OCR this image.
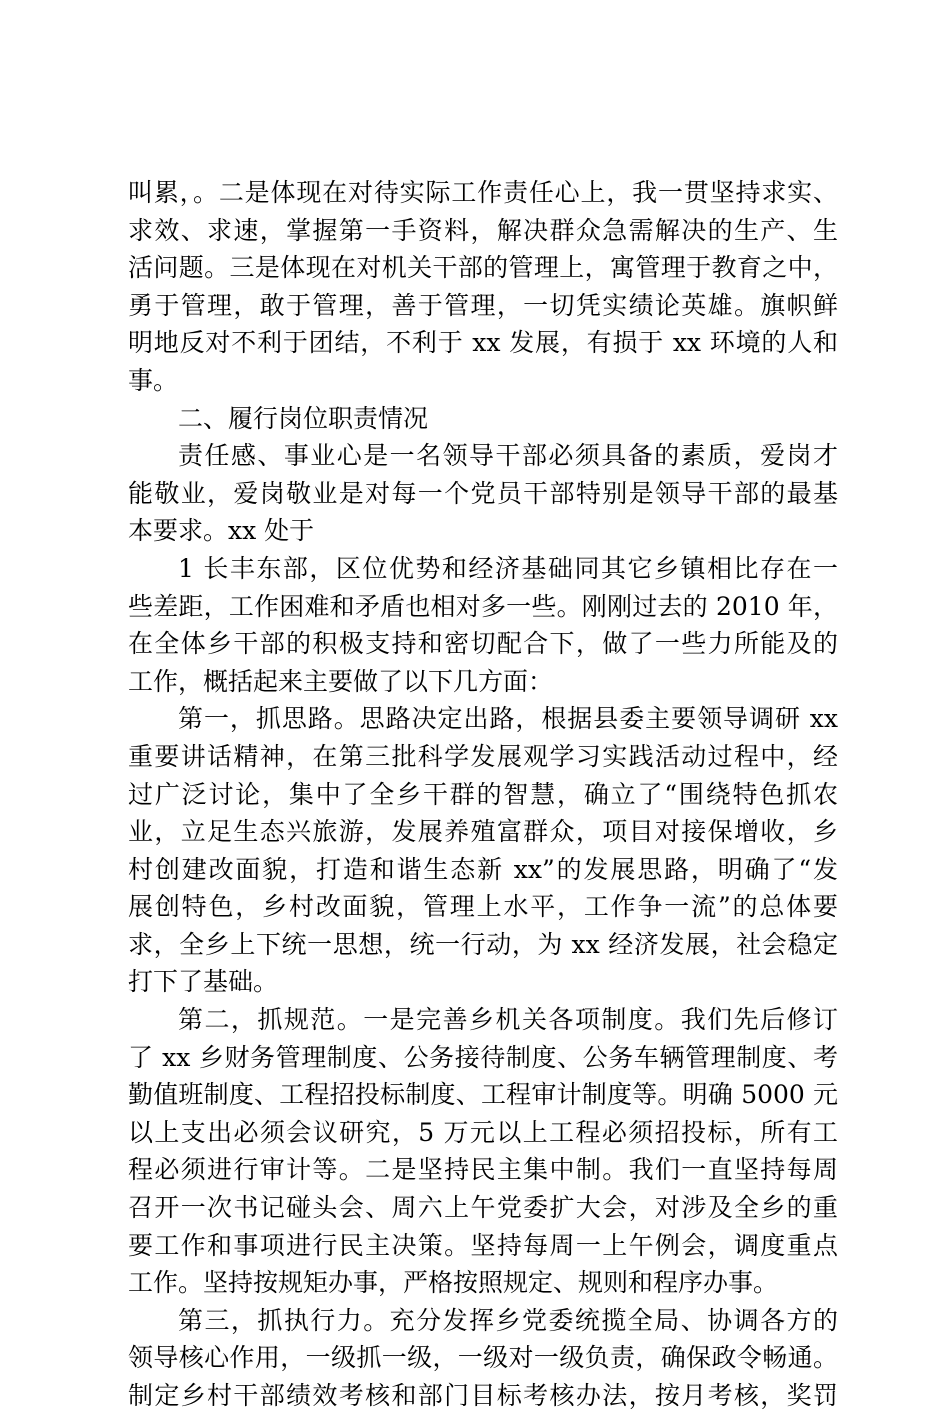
叫累，。二是体现在对待实际工作责任心上，我一贯坚持求实、
求效、求速，掌握第一手资料，解决群众急需解决的生产、生
活问题。三是体现在对机关干部的管理上，寓管理于教育之中，
勇于管理，敢于管理，善于管理，一切凭实绩论英雄。旗帜鲜
明地反对不利于团结，不利于 xx 发展，有损于 xx 环境的人和
事。
二、履行岗位职责情况
责任感、事业心是一名领导干部必须具备的素质，爱岗才
能敬业，爱岗敬业是对每一个党员干部特别是领导干部的最基
本要求。xx 处于
1 长丰东部，区位优势和经济基础同其它乡镇相比存在一
些差距，工作困难和矛盾也相对多一些。刚刚过去的 2010 年，
在全体乡干部的积极支持和密切配合下，做了一些力所能及的
工作，概括起来主要做了以下几方面：
第一，抓思路。思路决定出路，根据县委主要领导调研 xx
重要讲话精神，在第三批科学发展观学习实践活动过程中，经
过广泛讨论，集中了全乡干群的智慧，确立了“围绕特色抓农
业，立足生态兴旅游，发展养殖富群众，项目对接保增收，乡
村创建改面貌，打造和谐生态新 xx”的发展思路，明确了“发
展创特色，乡村改面貌，管理上水平，工作争一流”的总体要
求，全乡上下统一思想，统一行动，为 xx 经济发展，社会稳定
打下了基础。
第二，抓规范。一是完善乡机关各项制度。我们先后修订
了 xx 乡财务管理制度、公务接待制度、公务车辆管理制度、考
勤值班制度、工程招投标制度、工程审计制度等。明确 5000 元
以上支出必须会议研究，5 万元以上工程必须招投标，所有工
程必须进行审计等。二是坚持民主集中制。我们一直坚持每周
召开一次书记碰头会、周六上午党委扩大会，对涉及全乡的重
要工作和事项进行民主决策。坚持每周一上午例会，调度重点
工作。坚持按规矩办事，严格按照规定、规则和程序办事。
第三，抓执行力。充分发挥乡党委统揽全局、协调各方的
领导核心作用，一级抓一级，一级对一级负责，确保政令畅通。
制定乡村干部绩效考核和部门目标考核办法，按月考核，奖罚
